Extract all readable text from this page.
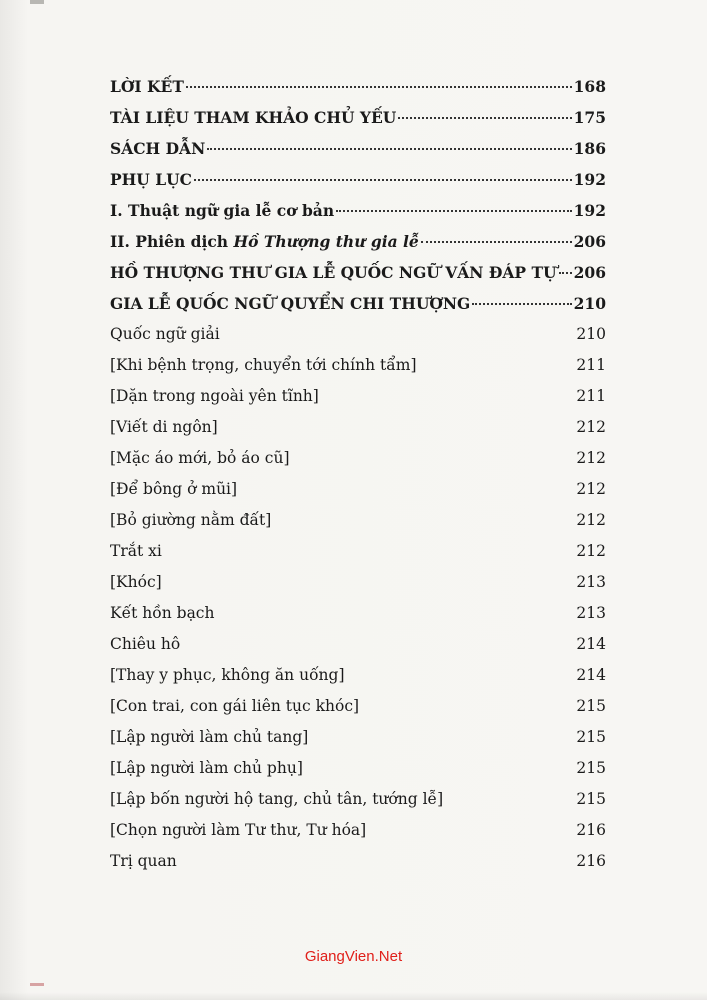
LỜI KẾT	168
TÀI LIỆU THAM KHẢO CHỦ YẾU	175
SÁCH DẪN	186
PHỤ LỤC	192
I. Thuật ngữ gia lễ cơ bản	192
II. Phiên dịch Hồ Thượng thư gia lễ	206
HỒ THƯỢNG THƯ GIA LỄ QUỐC NGỮ VẤN ĐÁP TỰ 206
GIA LỄ QUỐC NGỮ QUYỂN CHI THƯỢNG	210
Quốc ngữ giải	210
[Khi bệnh trọng, chuyển tới chính tẩm]	211
[Dặn trong ngoài yên tĩnh]	211
[Viết di ngôn]	212
[Mặc áo mới, bỏ áo cũ]	212
[Để bông ở mũi]	212
[Bỏ giường nằm đất]	212
Trắt xi	212
[Khóc]	213
Kết hồn bạch	213
Chiêu hô	214
[Thay y phục, không ăn uống]	214
[Con trai, con gái liên tục khóc]	215
[Lập người làm chủ tang]	215
[Lập người làm chủ phụ]	215
[Lập bốn người hộ tang, chủ tân, tướng lễ]	215
[Chọn người làm Tư thư, Tư hóa]	216
Trị quan	216
GiangVien.Net
